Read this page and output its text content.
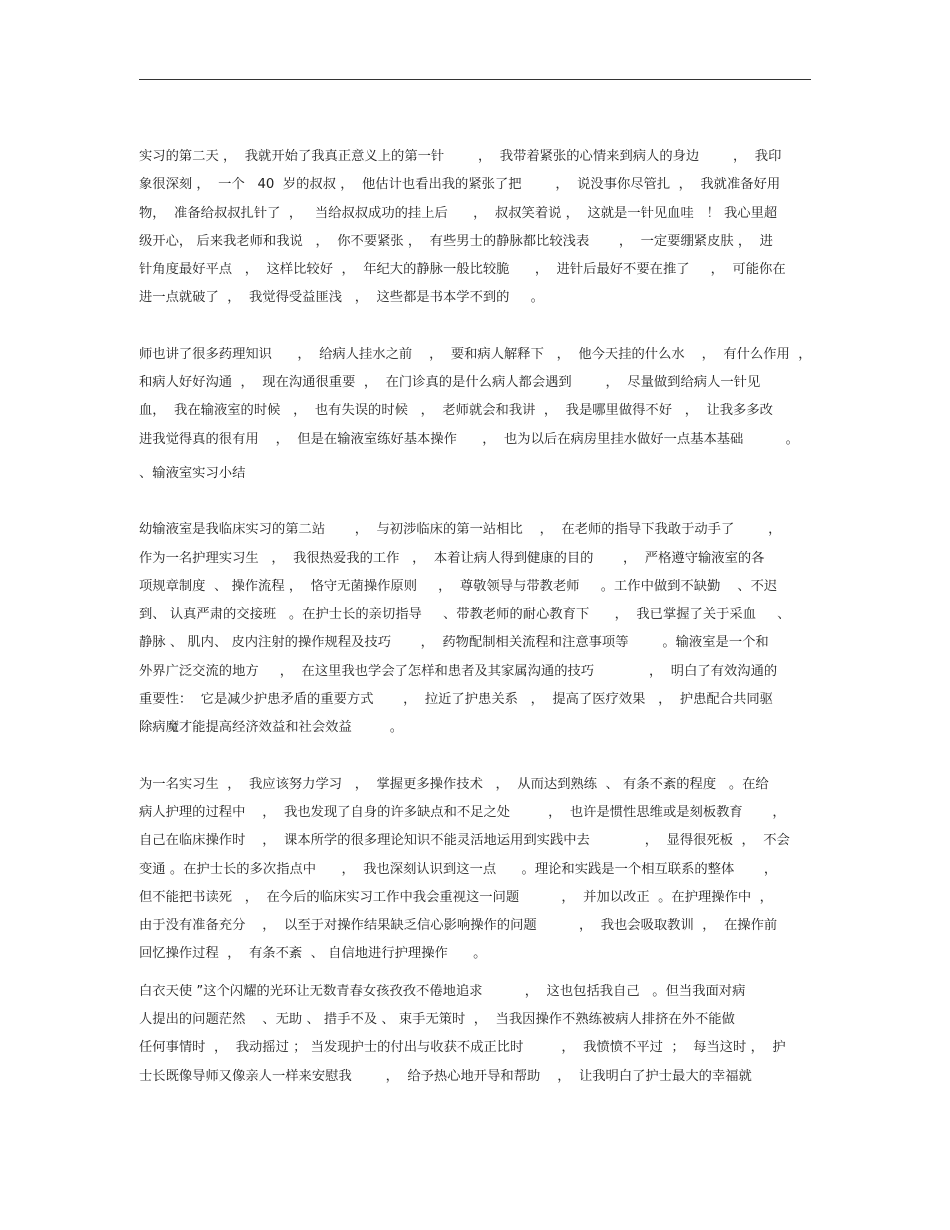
实习的第二天 ，  我就开始了我真正意义上的第一针        ，  我带着紧张的心情来到病人的身边        ，  我印
象很深刻 ，  一个   40  岁的叔叔 ，  他估计也看出我的紧张了把        ，  说没事你尽管扎  ，  我就准备好用
物，  准备给叔叔扎针了  ，   当给叔叔成功的挂上后      ，  叔叔笑着说 ，  这就是一针见血哇   ！ 我心里超
级开心， 后来我老师和我说   ，  你不要紧张 ，  有些男士的静脉都比较浅表       ，  一定要绷紧皮肤 ，  进
针角度最好平点   ，  这样比较好  ，  年纪大的静脉一般比较脆      ，  进针后最好不要在推了     ，  可能你在
进一点就破了  ，  我觉得受益匪浅   ，  这些都是书本学不到的     。
师也讲了很多药理知识      ，  给病人挂水之前    ，  要和病人解释下   ，  他今天挂的什么水    ，  有什么作用  ，
和病人好好沟通  ，  现在沟通很重要  ，  在门诊真的是什么病人都会遇到        ，  尽量做到给病人一针见
血，  我在输液室的时候   ，  也有失误的时候   ，  老师就会和我讲  ，  我是哪里做得不好   ，  让我多多改
进我觉得真的很有用    ，  但是在输液室练好基本操作      ，  也为以后在病房里挂水做好一点基本基础          。
、输液室实习小结
幼输液室是我临床实习的第二站       ，  与初涉临床的第一站相比    ，  在老师的指导下我敢于动手了        ，
作为一名护理实习生   ，  我很热爱我的工作   ，  本着让病人得到健康的目的       ，  严格遵守输液室的各
项规章制度  、 操作流程 ，  恪守无菌操作原则     ，  尊敬领导与带教老师     。工作中做到不缺勤    、不迟
到、 认真严肃的交接班   。在护士长的亲切指导     、带教老师的耐心教育下      ，  我已掌握了关于采血     、
静脉 、 肌内、 皮内注射的操作规程及技巧       ，  药物配制相关流程和注意事项等        。输液室是一个和
外界广泛交流的地方     ，  在这里我也学会了怎样和患者及其家属沟通的技巧             ，  明白了有效沟通的
重要性：  它是减少护患矛盾的重要方式       ，  拉近了护患关系   ，  提高了医疗效果   ，  护患配合共同驱
除病魔才能提高经济效益和社会效益         。
为一名实习生  ，  我应该努力学习   ，  掌握更多操作技术   ，  从而达到熟练  、 有条不紊的程度   。在给
病人护理的过程中    ，  我也发现了自身的许多缺点和不足之处         ，  也许是惯性思维或是刻板教育       ，
自己在临床操作时    ，  课本所学的很多理论知识不能灵活地运用到实践中去             ，  显得很死板  ，  不会
变通 。在护士长的多次指点中      ，  我也深刻认识到这一点      。理论和实践是一个相互联系的整体       ，
但不能把书读死   ，  在今后的临床实习工作中我会重视这一问题          ，  并加以改正  。在护理操作中  ，
由于没有准备充分    ，  以至于对操作结果缺乏信心影响操作的问题          ，  我也会吸取教训  ，  在操作前
回忆操作过程  ，  有条不紊  、 自信地进行护理操作      。
白衣天使 ”这个闪耀的光环让无数青春女孩孜孜不倦地追求          ，  这也包括我自己   。但当我面对病
人提出的问题茫然    、无助 、 措手不及 、 束手无策时  ，  当我因操作不熟练被病人排挤在外不能做
任何事情时  ，  我动摇过 ； 当发现护士的付出与收获不成正比时         ，  我愤愤不平过  ；  每当这时 ，  护
士长既像导师又像亲人一样来安慰我        ，  给予热心地开导和帮助    ，  让我明白了护士最大的幸福就
